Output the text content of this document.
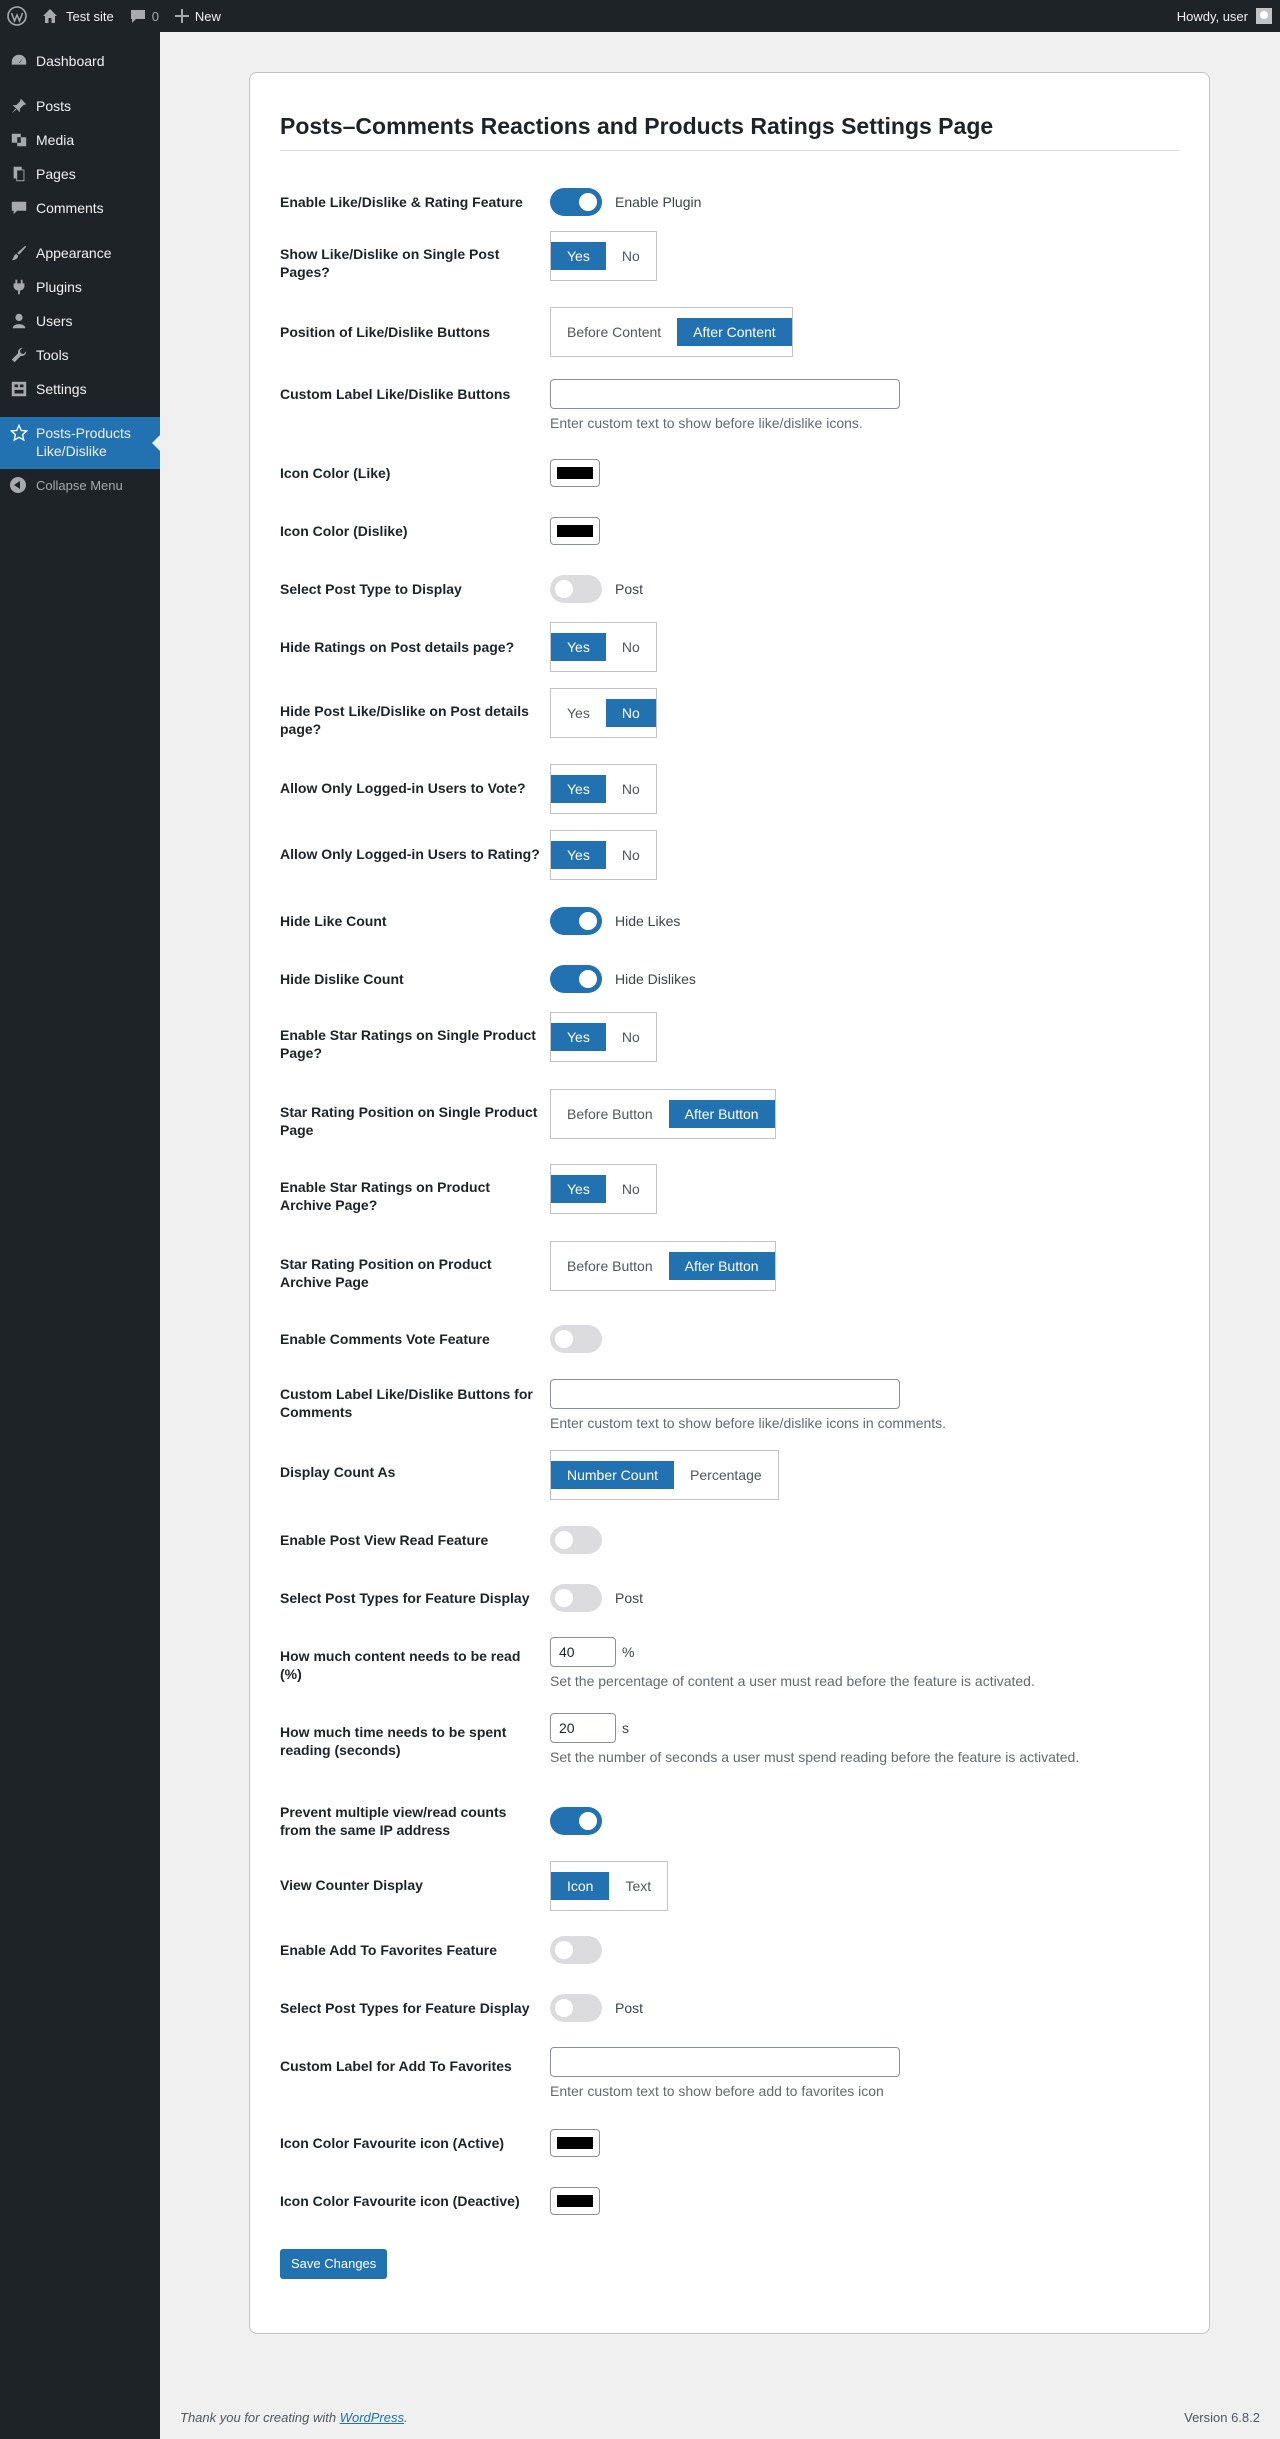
Test site	0	New	Howdy, user
Dashboard
Posts
Media
Pages
Comments
Appearance
Plugins
Users
Tools
Settings
Posts-Products Like/Dislike
Collapse Menu
Posts–Comments Reactions and Products Ratings Settings Page
Enable Like/Dislike & Rating Feature	Enable Plugin
Show Like/Dislike on Single Post Pages?
Yes	No
Position of Like/Dislike Buttons	Before Content	After Content
Custom Label Like/Dislike Buttons
Enter custom text to show before like/dislike icons.
Icon Color (Like)
Icon Color (Dislike)
Select Post Type to Display	Post
Hide Ratings on Post details page?	Yes	No
Hide Post Like/Dislike on Post details page?
Yes	No
Allow Only Logged-in Users to Vote?	Yes	No
Allow Only Logged-in Users to Rating?	Yes	No
Hide Like Count	Hide Likes
Hide Dislike Count	Hide Dislikes
Enable Star Ratings on Single Product Page?
Yes	No
Star Rating Position on Single Product Page
Before Button	After Button
Enable Star Ratings on Product Archive Page?
Yes	No
Star Rating Position on Product Archive Page
Before Button	After Button
Enable Comments Vote Feature
Custom Label Like/Dislike Buttons for Comments
Enter custom text to show before like/dislike icons in comments.
Display Count As	Number Count	Percentage
Enable Post View Read Feature
Select Post Types for Feature Display	Post
How much content needs to be read (%)
40	%
Set the percentage of content a user must read before the feature is activated.
How much time needs to be spent reading (seconds)
20	s
Set the number of seconds a user must spend reading before the feature is activated.
Prevent multiple view/read counts from the same IP address
View Counter Display	Icon	Text
Enable Add To Favorites Feature
Select Post Types for Feature Display	Post
Custom Label for Add To Favorites
Enter custom text to show before add to favorites icon
Icon Color Favourite icon (Active)
Icon Color Favourite icon (Deactive)
Save Changes
Thank you for creating with WordPress.	Version 6.8.2
